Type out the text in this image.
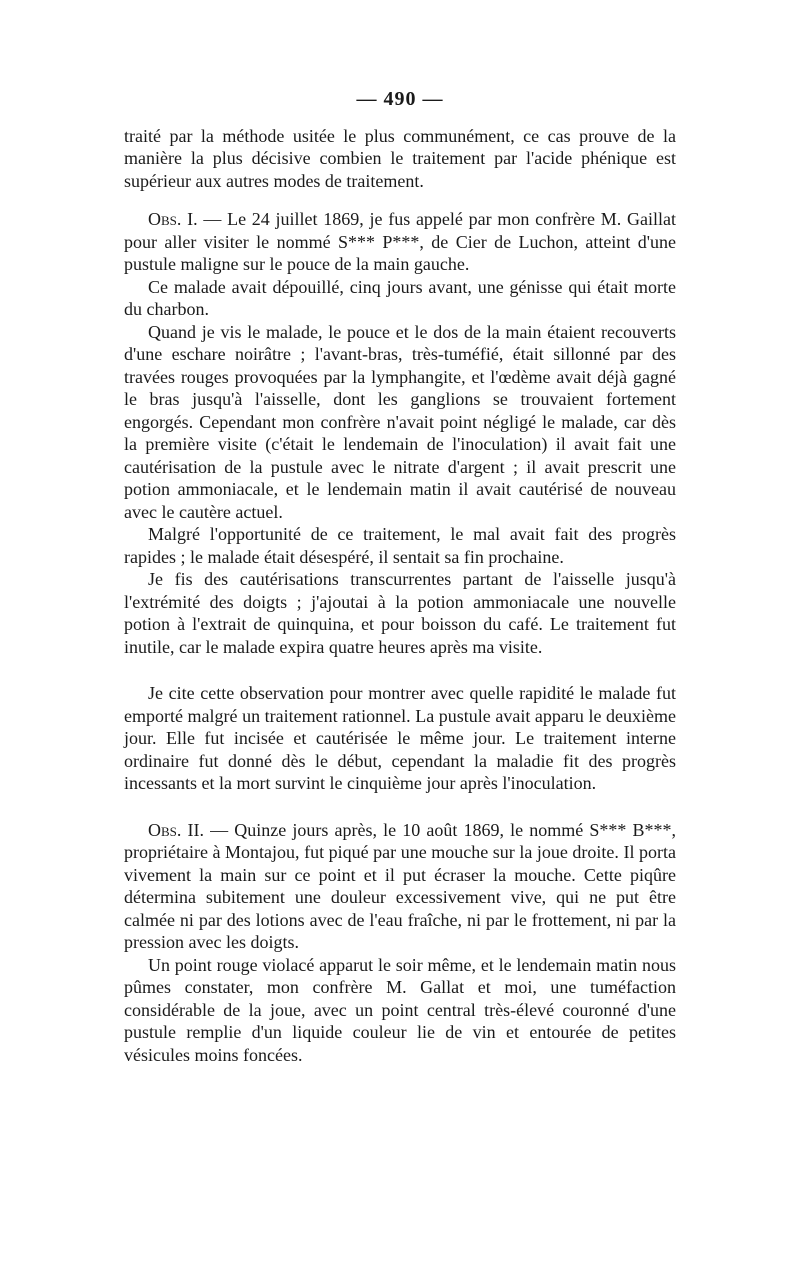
— 490 —

traité par la méthode usitée le plus communément, ce cas prouve de la manière la plus décisive combien le traitement par l'acide phénique est supérieur aux autres modes de traitement.

Obs. I. — Le 24 juillet 1869, je fus appelé par mon confrère M. Gaillat pour aller visiter le nommé S*** P***, de Cier de Luchon, atteint d'une pustule maligne sur le pouce de la main gauche.

Ce malade avait dépouillé, cinq jours avant, une génisse qui était morte du charbon.

Quand je vis le malade, le pouce et le dos de la main étaient recouverts d'une eschare noirâtre ; l'avant-bras, très-tuméfié, était sillonné par des travées rouges provoquées par la lymphangite, et l'œdème avait déjà gagné le bras jusqu'à l'aisselle, dont les ganglions se trouvaient fortement engorgés. Cependant mon confrère n'avait point négligé le malade, car dès la première visite (c'était le lendemain de l'inoculation) il avait fait une cautérisation de la pustule avec le nitrate d'argent ; il avait prescrit une potion ammoniacale, et le lendemain matin il avait cautérisé de nouveau avec le cautère actuel.

Malgré l'opportunité de ce traitement, le mal avait fait des progrès rapides ; le malade était désespéré, il sentait sa fin prochaine.

Je fis des cautérisations transcurrentes partant de l'aisselle jusqu'à l'extrémité des doigts ; j'ajoutai à la potion ammoniacale une nouvelle potion à l'extrait de quinquina, et pour boisson du café. Le traitement fut inutile, car le malade expira quatre heures après ma visite.

Je cite cette observation pour montrer avec quelle rapidité le malade fut emporté malgré un traitement rationnel. La pustule avait apparu le deuxième jour. Elle fut incisée et cautérisée le même jour. Le traitement interne ordinaire fut donné dès le début, cependant la maladie fit des progrès incessants et la mort survint le cinquième jour après l'inoculation.

Obs. II. — Quinze jours après, le 10 août 1869, le nommé S*** B***, propriétaire à Montajou, fut piqué par une mouche sur la joue droite. Il porta vivement la main sur ce point et il put écraser la mouche. Cette piqûre détermina subitement une douleur excessivement vive, qui ne put être calmée ni par des lotions avec de l'eau fraîche, ni par le frottement, ni par la pression avec les doigts.

Un point rouge violacé apparut le soir même, et le lendemain matin nous pûmes constater, mon confrère M. Gallat et moi, une tuméfaction considérable de la joue, avec un point central très-élevé couronné d'une pustule remplie d'un liquide couleur lie de vin et entourée de petites vésicules moins foncées.
